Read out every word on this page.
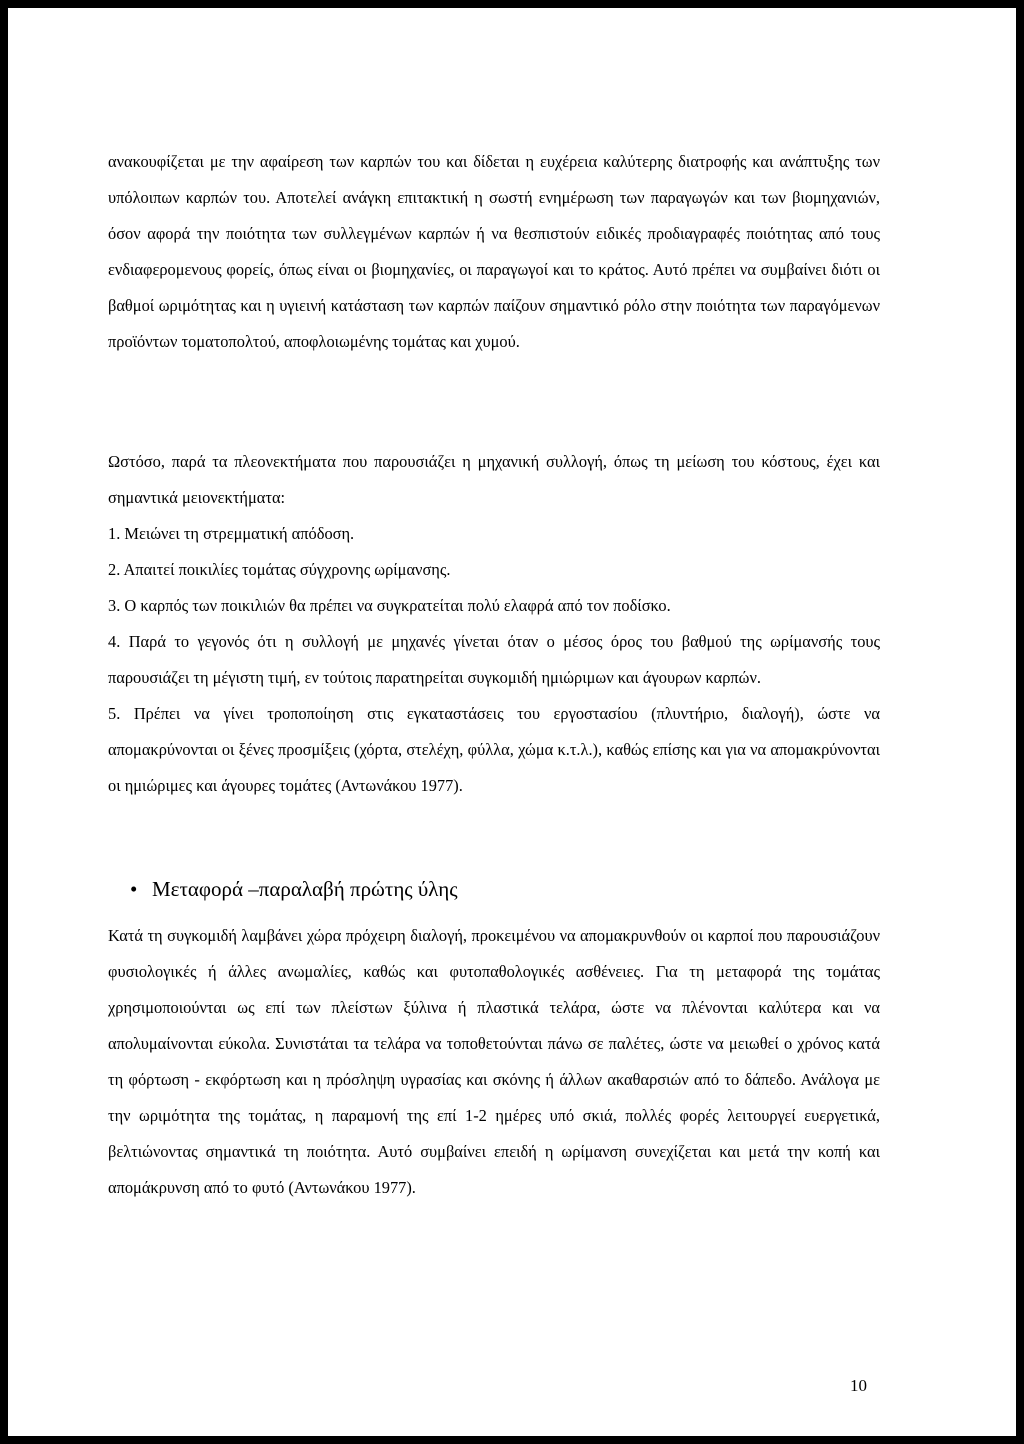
ανακουφίζεται με την αφαίρεση των καρπών του και δίδεται η ευχέρεια καλύτερης διατροφής και ανάπτυξης των υπόλοιπων καρπών του. Αποτελεί ανάγκη επιτακτική η σωστή ενημέρωση των παραγωγών και των βιομηχανιών, όσον αφορά την ποιότητα των συλλεγμένων καρπών ή να θεσπιστούν ειδικές προδιαγραφές ποιότητας από τους ενδιαφερομενους φορείς, όπως είναι οι βιομηχανίες, οι παραγωγοί και το κράτος. Αυτό πρέπει να συμβαίνει διότι οι βαθμοί ωριμότητας και η υγιεινή κατάσταση των καρπών παίζουν σημαντικό ρόλο στην ποιότητα των παραγόμενων προϊόντων τοματοπολτού, αποφλοιωμένης τομάτας και χυμού.

Ωστόσο, παρά τα πλεονεκτήματα που παρουσιάζει η μηχανική συλλογή, όπως τη μείωση του κόστους, έχει και σημαντικά μειονεκτήματα:

1. Μειώνει τη στρεμματική απόδοση.
2. Απαιτεί ποικιλίες τομάτας σύγχρονης ωρίμανσης.
3. Ο καρπός των ποικιλιών θα πρέπει να συγκρατείται πολύ ελαφρά από τον ποδίσκο.
4. Παρά το γεγονός ότι η συλλογή με μηχανές γίνεται όταν ο μέσος όρος του βαθμού της ωρίμανσής τους παρουσιάζει τη μέγιστη τιμή, εν τούτοις παρατηρείται συγκομιδή ημιώριμων και άγουρων καρπών.
5. Πρέπει να γίνει τροποποίηση στις εγκαταστάσεις του εργοστασίου (πλυντήριο, διαλογή), ώστε να απομακρύνονται οι ξένες προσμίξεις (χόρτα, στελέχη, φύλλα, χώμα κ.τ.λ.), καθώς επίσης και για να απομακρύνονται οι ημιώριμες και άγουρες τομάτες (Αντωνάκου 1977).
• Μεταφορά –παραλαβή πρώτης ύλης

Κατά τη συγκομιδή λαμβάνει χώρα πρόχειρη διαλογή, προκειμένου να απομακρυνθούν οι καρποί που παρουσιάζουν φυσιολογικές ή άλλες ανωμαλίες, καθώς και φυτοπαθολογικές ασθένειες. Για τη μεταφορά της τομάτας χρησιμοποιούνται ως επί των πλείστων ξύλινα ή πλαστικά τελάρα, ώστε να πλένονται καλύτερα και να απολυμαίνονται εύκολα. Συνιστάται τα τελάρα να τοποθετούνται πάνω σε παλέτες, ώστε να μειωθεί ο χρόνος κατά τη φόρτωση - εκφόρτωση και η πρόσληψη υγρασίας και σκόνης ή άλλων ακαθαρσιών από το δάπεδο. Ανάλογα με την ωριμότητα της τομάτας, η παραμονή της επί 1-2 ημέρες υπό σκιά, πολλές φορές λειτουργεί ευεργετικά, βελτιώνοντας σημαντικά τη ποιότητα. Αυτό συμβαίνει επειδή η ωρίμανση συνεχίζεται και μετά την κοπή και απομάκρυνση από το φυτό (Αντωνάκου 1977).

10
